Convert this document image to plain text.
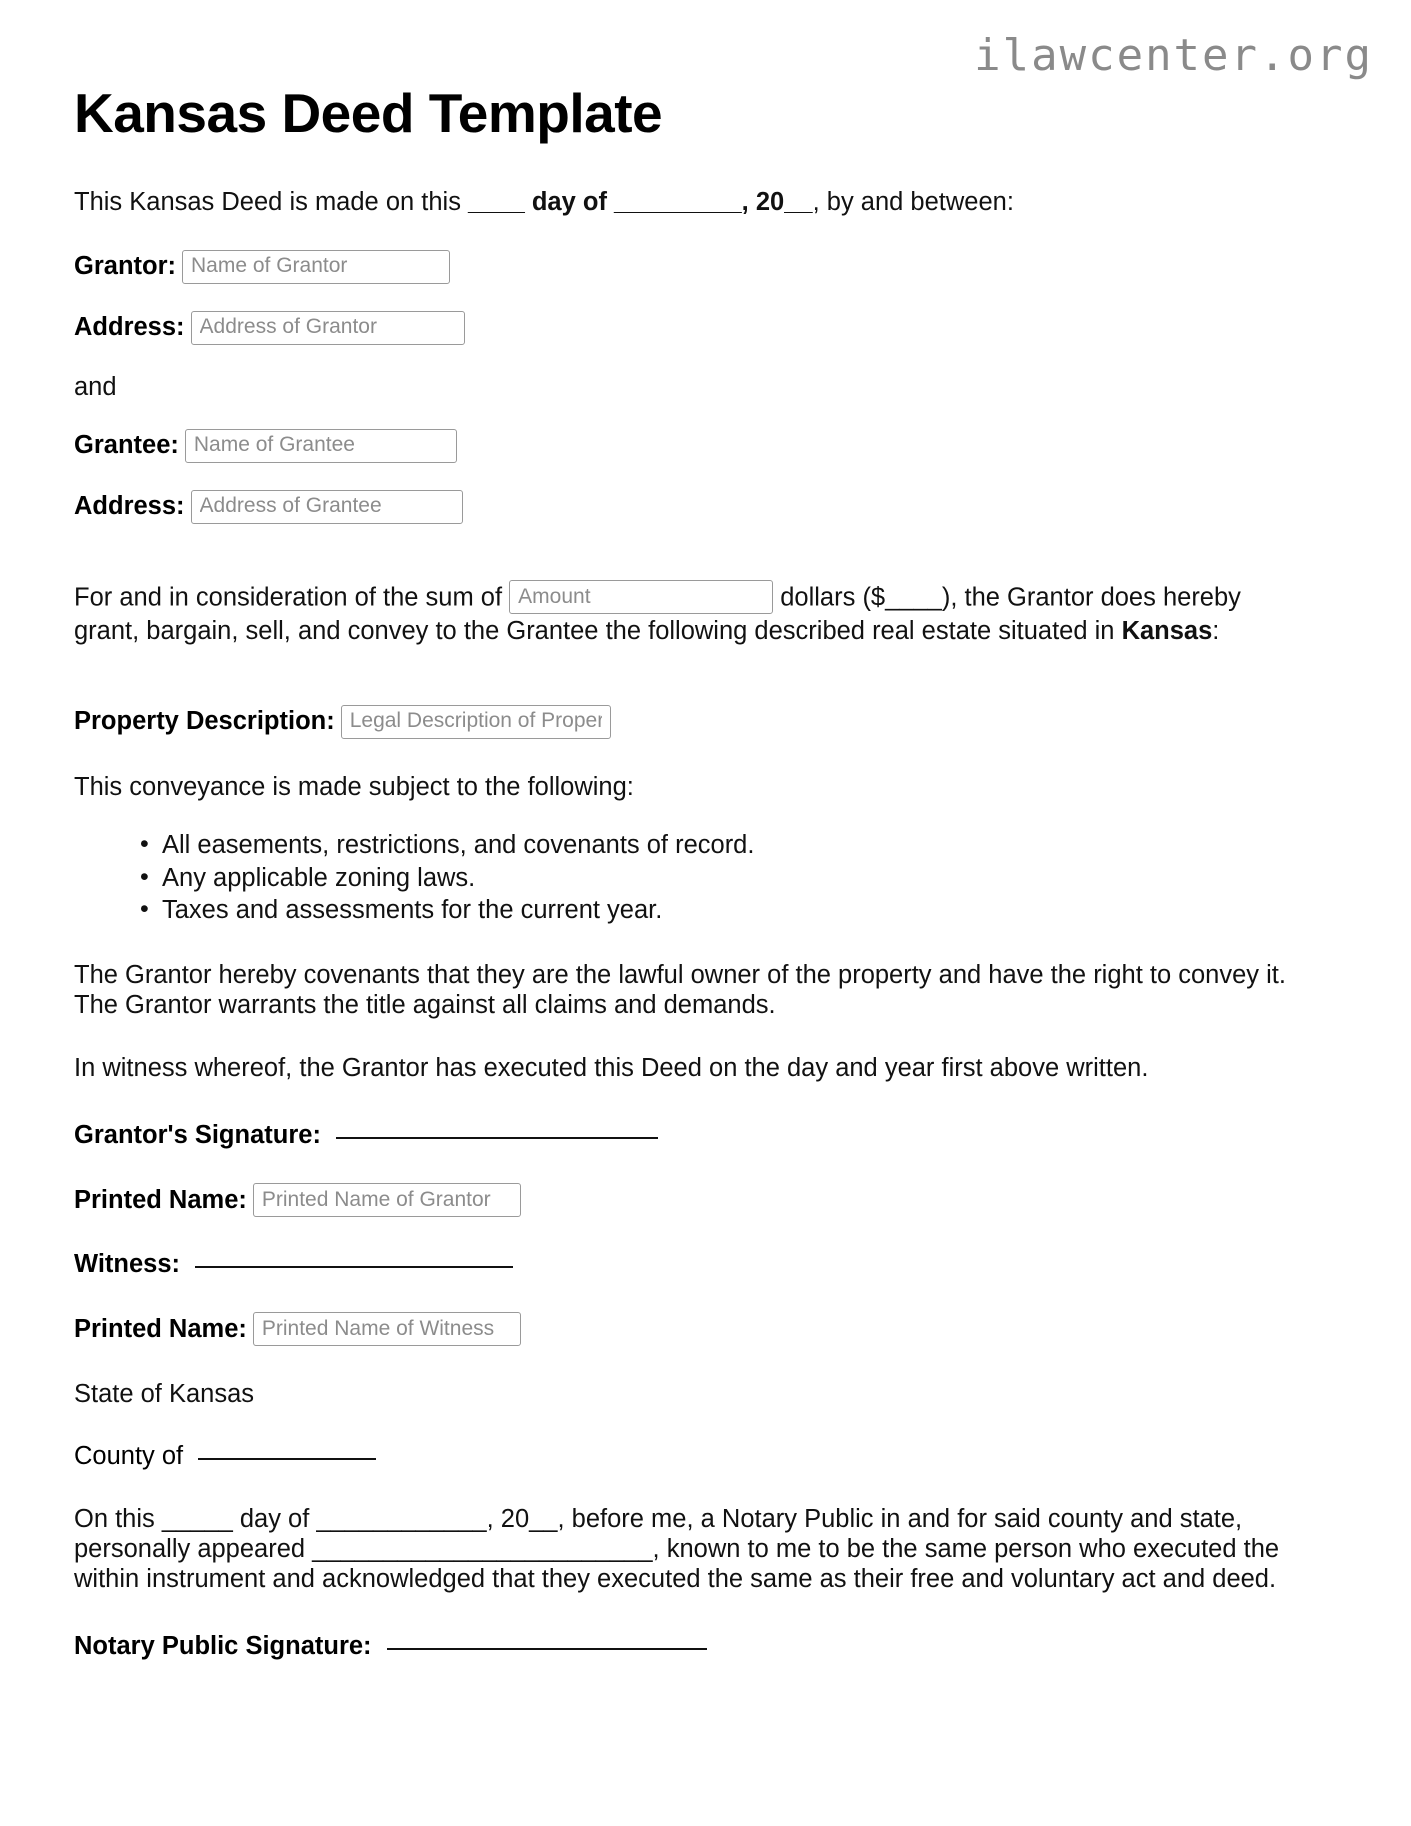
ilawcenter.org
Kansas Deed Template

This Kansas Deed is made on this ____ day of _________, 20__, by and between:

Grantor:
Name of Grantor
Address:
Address of Grantor

and

Grantee:
Name of Grantee
Address:
Address of Grantee

For and in consideration of the sum of Amount	dollars ($____), the Grantor does hereby grant, bargain, sell, and convey to the Grantee the following described real estate situated in Kansas:

Property Description:
Legal Description of Property

This conveyance is made subject to the following:

• All easements, restrictions, and covenants of record.
• Any applicable zoning laws.
• Taxes and assessments for the current year.

The Grantor hereby covenants that they are the lawful owner of the property and have the right to convey it. The Grantor warrants the title against all claims and demands.

In witness whereof, the Grantor has executed this Deed on the day and year first above written.

Grantor's Signature:
Printed Name:
Printed Name of Grantor
Witness:
Printed Name:
Printed Name of Witness

State of Kansas

County of

On this _____ day of ____________, 20__, before me, a Notary Public in and for said county and state, personally appeared ________________________, known to me to be the same person who executed the within instrument and acknowledged that they executed the same as their free and voluntary act and deed.

Notary Public Signature:
